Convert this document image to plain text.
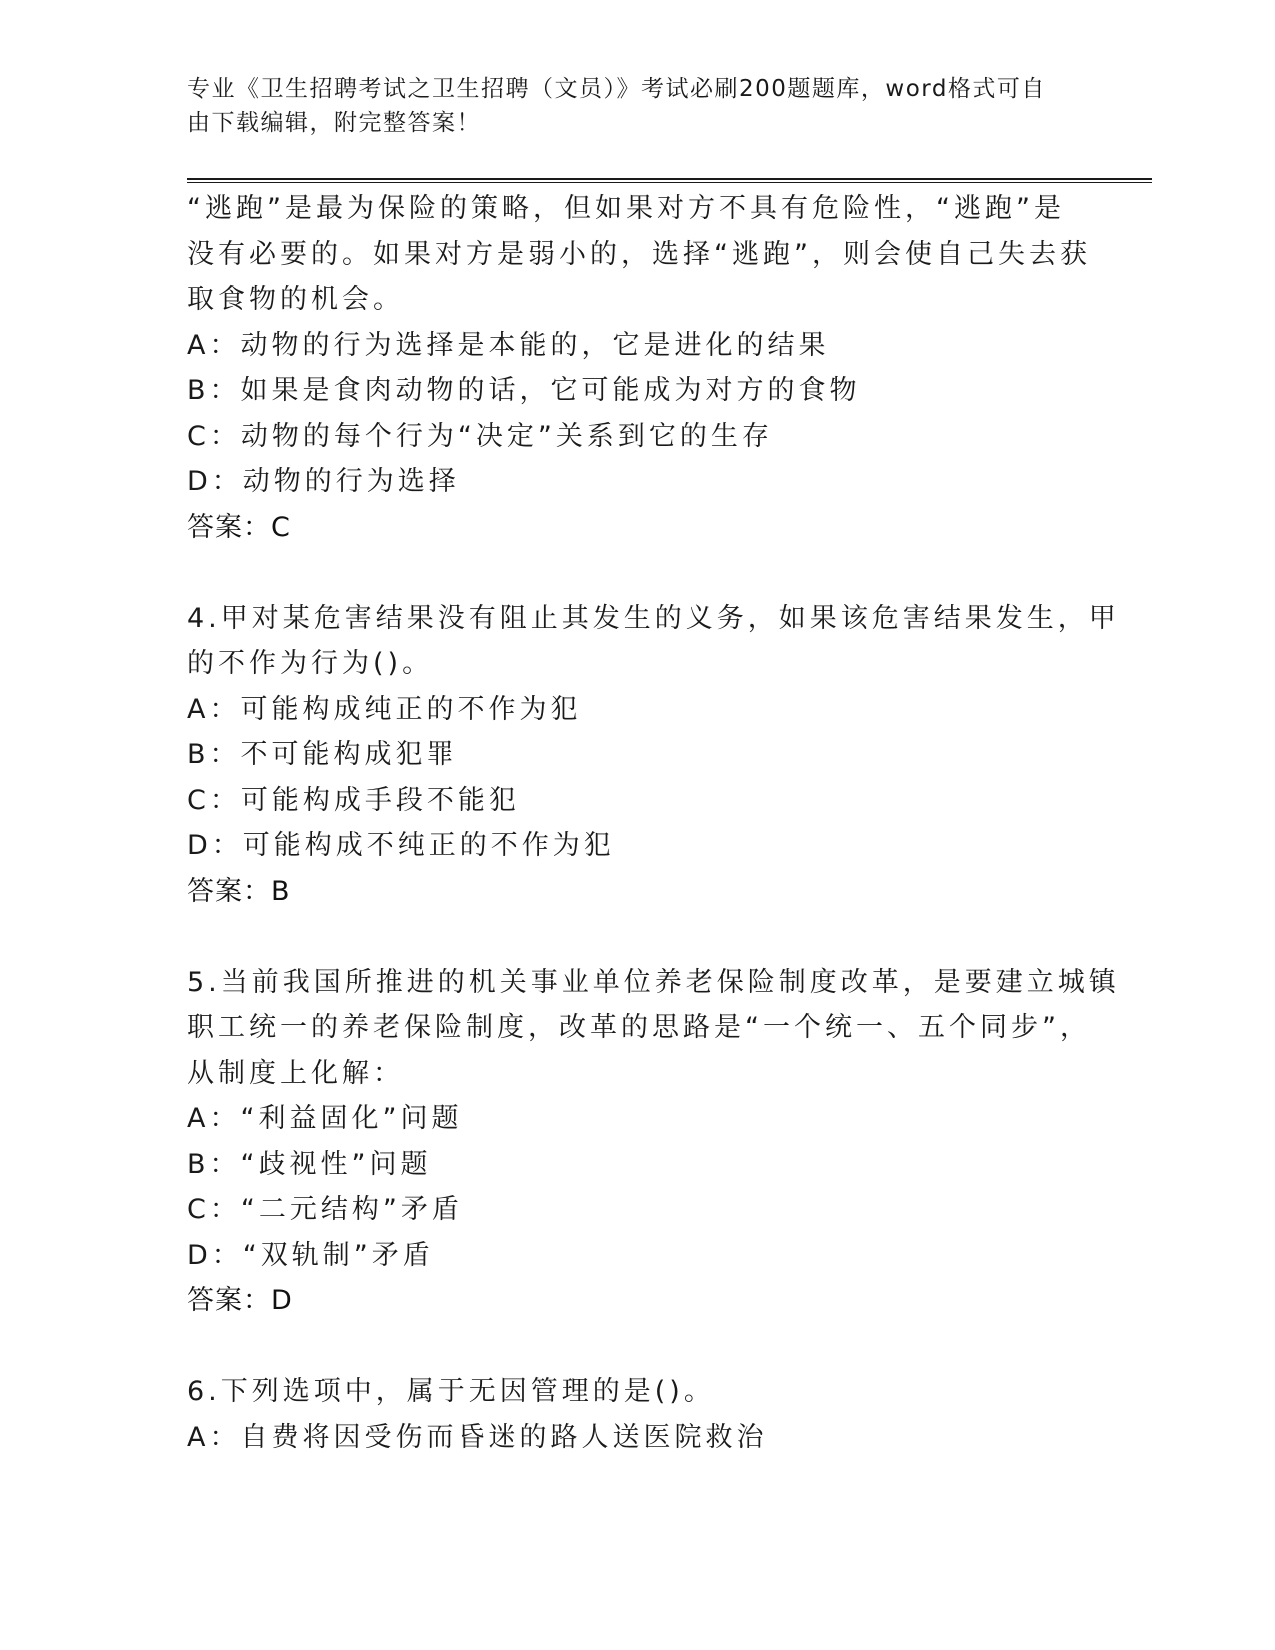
专业《卫生招聘考试之卫生招聘（文员）》考试必刷200题题库，word格式可自
由下载编辑，附完整答案！
“逃跑”是最为保险的策略，但如果对方不具有危险性，“逃跑”是
没有必要的。如果对方是弱小的，选择“逃跑”，则会使自己失去获
取食物的机会。
A：动物的行为选择是本能的，它是进化的结果
B：如果是食肉动物的话，它可能成为对方的食物
C：动物的每个行为“决定”关系到它的生存
D：动物的行为选择
答案：C
4.甲对某危害结果没有阻止其发生的义务，如果该危害结果发生，甲
的不作为行为()。
A：可能构成纯正的不作为犯
B：不可能构成犯罪
C：可能构成手段不能犯
D：可能构成不纯正的不作为犯
答案：B
5.当前我国所推进的机关事业单位养老保险制度改革，是要建立城镇
职工统一的养老保险制度，改革的思路是“一个统一、五个同步”，
从制度上化解：
A：“利益固化”问题
B：“歧视性”问题
C：“二元结构”矛盾
D：“双轨制”矛盾
答案：D
6.下列选项中，属于无因管理的是()。
A：自费将因受伤而昏迷的路人送医院救治
